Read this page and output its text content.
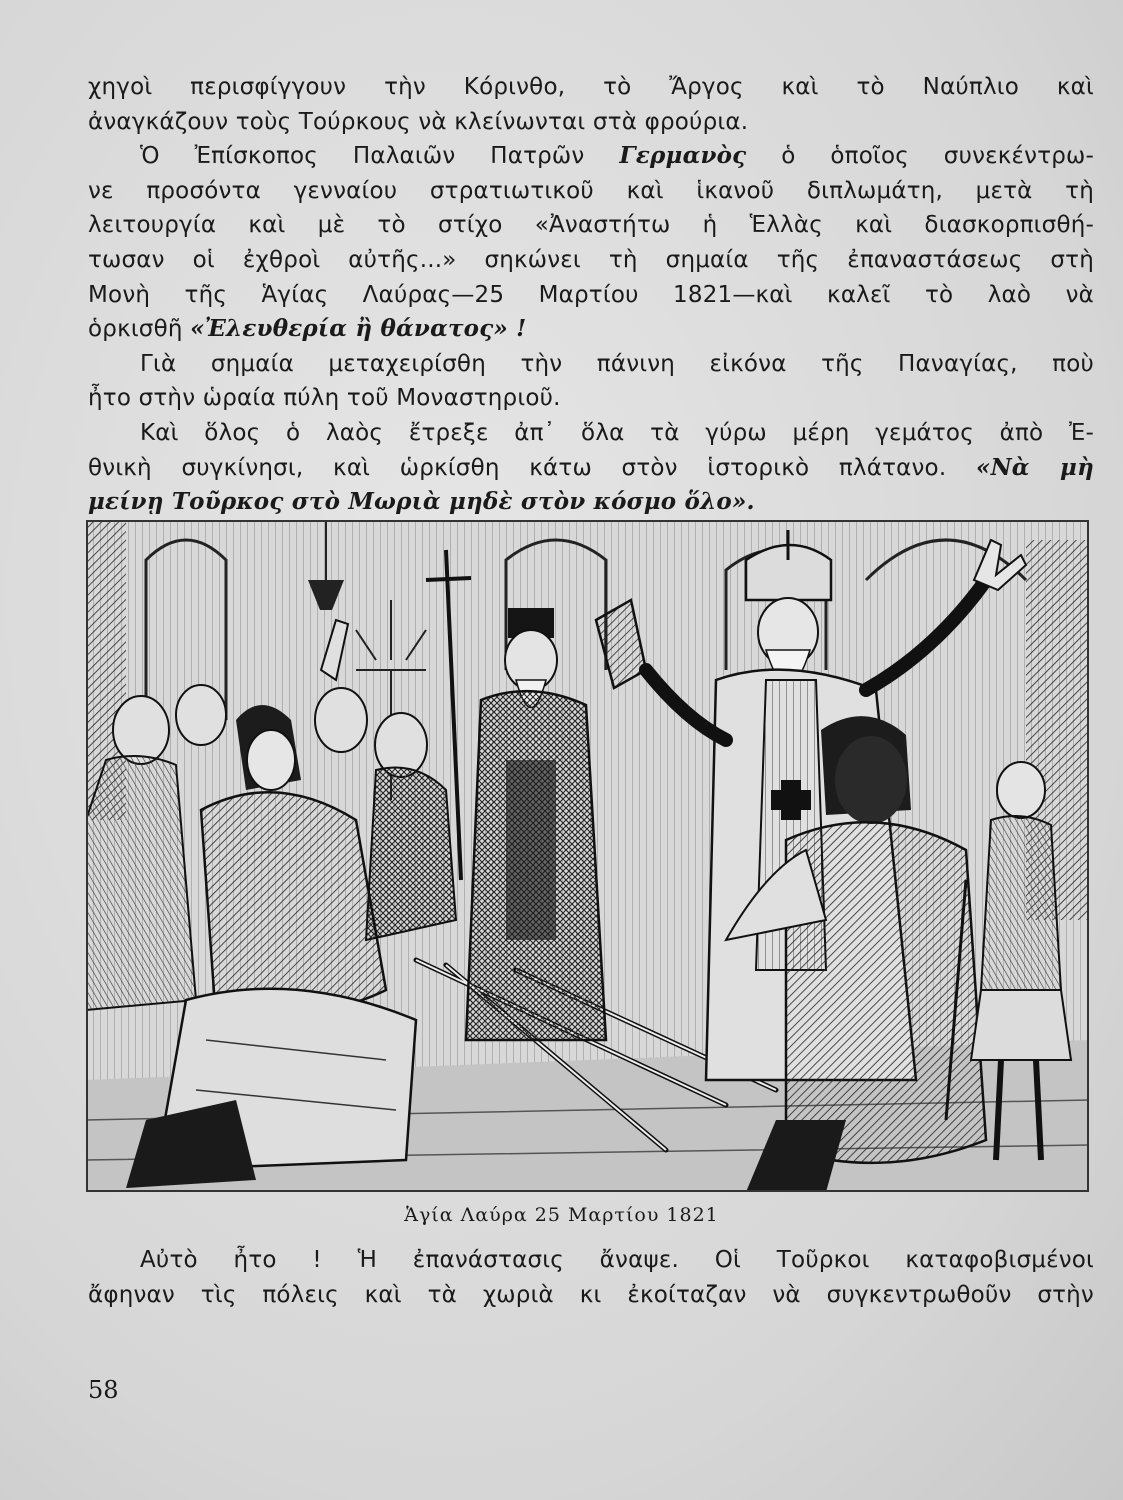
χηγοὶ περισφίγγουν τὴν Κόρινθο, τὸ Ἄργος καὶ τὸ Ναύπλιο καὶ
ἀναγκάζουν τοὺς Τούρκους νὰ κλείνωνται στὰ φρούρια.
Ὁ Ἐπίσκοπος Παλαιῶν Πατρῶν Γερμανὸς ὁ ὁποῖος συνεκέντρω-
νε προσόντα γενναίου στρατιωτικοῦ καὶ ἱκανοῦ διπλωμάτη, μετὰ τὴ
λειτουργία καὶ μὲ τὸ στίχο «Ἀναστήτω ἡ Ἑλλὰς καὶ διασκορπισθή-
τωσαν οἱ ἐχθροὶ αὐτῆς...» σηκώνει τὴ σημαία τῆς ἐπαναστάσεως στὴ
Μονὴ τῆς Ἁγίας Λαύρας—25 Μαρτίου 1821—καὶ καλεῖ τὸ λαὸ νὰ
ὁρκισθῆ «Ἐλευθερία ἢ θάνατος» !
Γιὰ σημαία μεταχειρίσθη τὴν πάνινη εἰκόνα τῆς Παναγίας, ποὺ
ἦτο στὴν ὡραία πύλη τοῦ Μοναστηριοῦ.
Καὶ ὅλος ὁ λαὸς ἔτρεξε ἀπ᾿ ὅλα τὰ γύρω μέρη γεμάτος ἀπὸ Ἐ-
θνικὴ συγκίνησι, καὶ ὡρκίσθη κάτω στὸν ἱστορικὸ πλάτανο. «Νὰ μὴ
μείνῃ Τοῦρκος στὸ Μωριὰ μηδὲ στὸν κόσμο ὅλο».
Ἁγία Λαύρα 25 Μαρτίου 1821
Αὐτὸ ἦτο ! Ἡ ἐπανάστασις ἄναψε. Οἱ Τοῦρκοι καταφοβισμένοι
ἄφηναν τὶς πόλεις καὶ τὰ χωριὰ κι ἐκοίταζαν νὰ συγκεντρωθοῦν στὴν
58
